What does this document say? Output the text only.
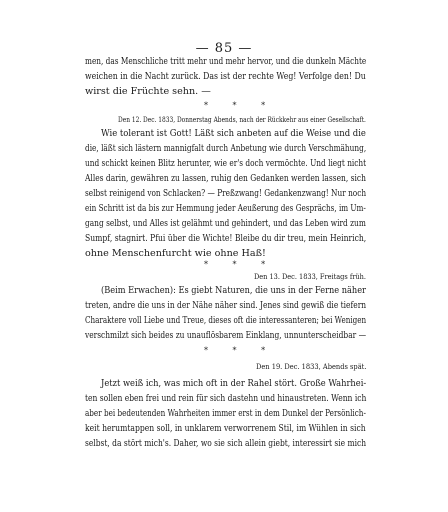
— 85 —
men, das Menschliche tritt mehr und mehr hervor, und die dunkeln Mächte
weichen in die Nacht zurück. Das ist der rechte Weg! Verfolge den! Du
wirst die Früchte sehn. —
* * *
Den 12. Dec. 1833, Donnerstag Abends, nach der Rückkehr aus einer Gesellschaft.
Wie tolerant ist Gott! Läßt sich anbeten auf die Weise und die
die, läßt sich lästern mannigfalt durch Anbetung wie durch Verschmähung,
und schickt keinen Blitz herunter, wie er's doch vermöchte. Und liegt nicht
Alles darin, gewähren zu lassen, ruhig den Gedanken werden lassen, sich
selbst reinigend von Schlacken? — Preßzwang! Gedankenzwang! Nur noch
ein Schritt ist da bis zur Hemmung jeder Aeußerung des Gesprächs, im Um-
gang selbst, und Alles ist gelähmt und gehindert, und das Leben wird zum
Sumpf, stagnirt. Pfui über die Wichte! Bleibe du dir treu, mein Heinrich,
ohne Menschenfurcht wie ohne Haß!
* * *
Den 13. Dec. 1833, Freitags früh.
(Beim Erwachen): Es giebt Naturen, die uns in der Ferne näher
treten, andre die uns in der Nähe näher sind. Jenes sind gewiß die tiefern
Charaktere voll Liebe und Treue, dieses oft die interessanteren; bei Wenigen
verschmilzt sich beides zu unauflösbarem Einklang, unnunterscheidbar —
* * *
Den 19. Dec. 1833, Abends spät.
Jetzt weiß ich, was mich oft in der Rahel stört. Große Wahrhei-
ten sollen eben frei und rein für sich dastehn und hinaustreten. Wenn ich
aber bei bedeutenden Wahrheiten immer erst in dem Dunkel der Persönlich-
keit herumtappen soll, in unklarem verworrenem Stil, im Wühlen in sich
selbst, da stört mich's. Daher, wo sie sich allein giebt, interessirt sie mich
